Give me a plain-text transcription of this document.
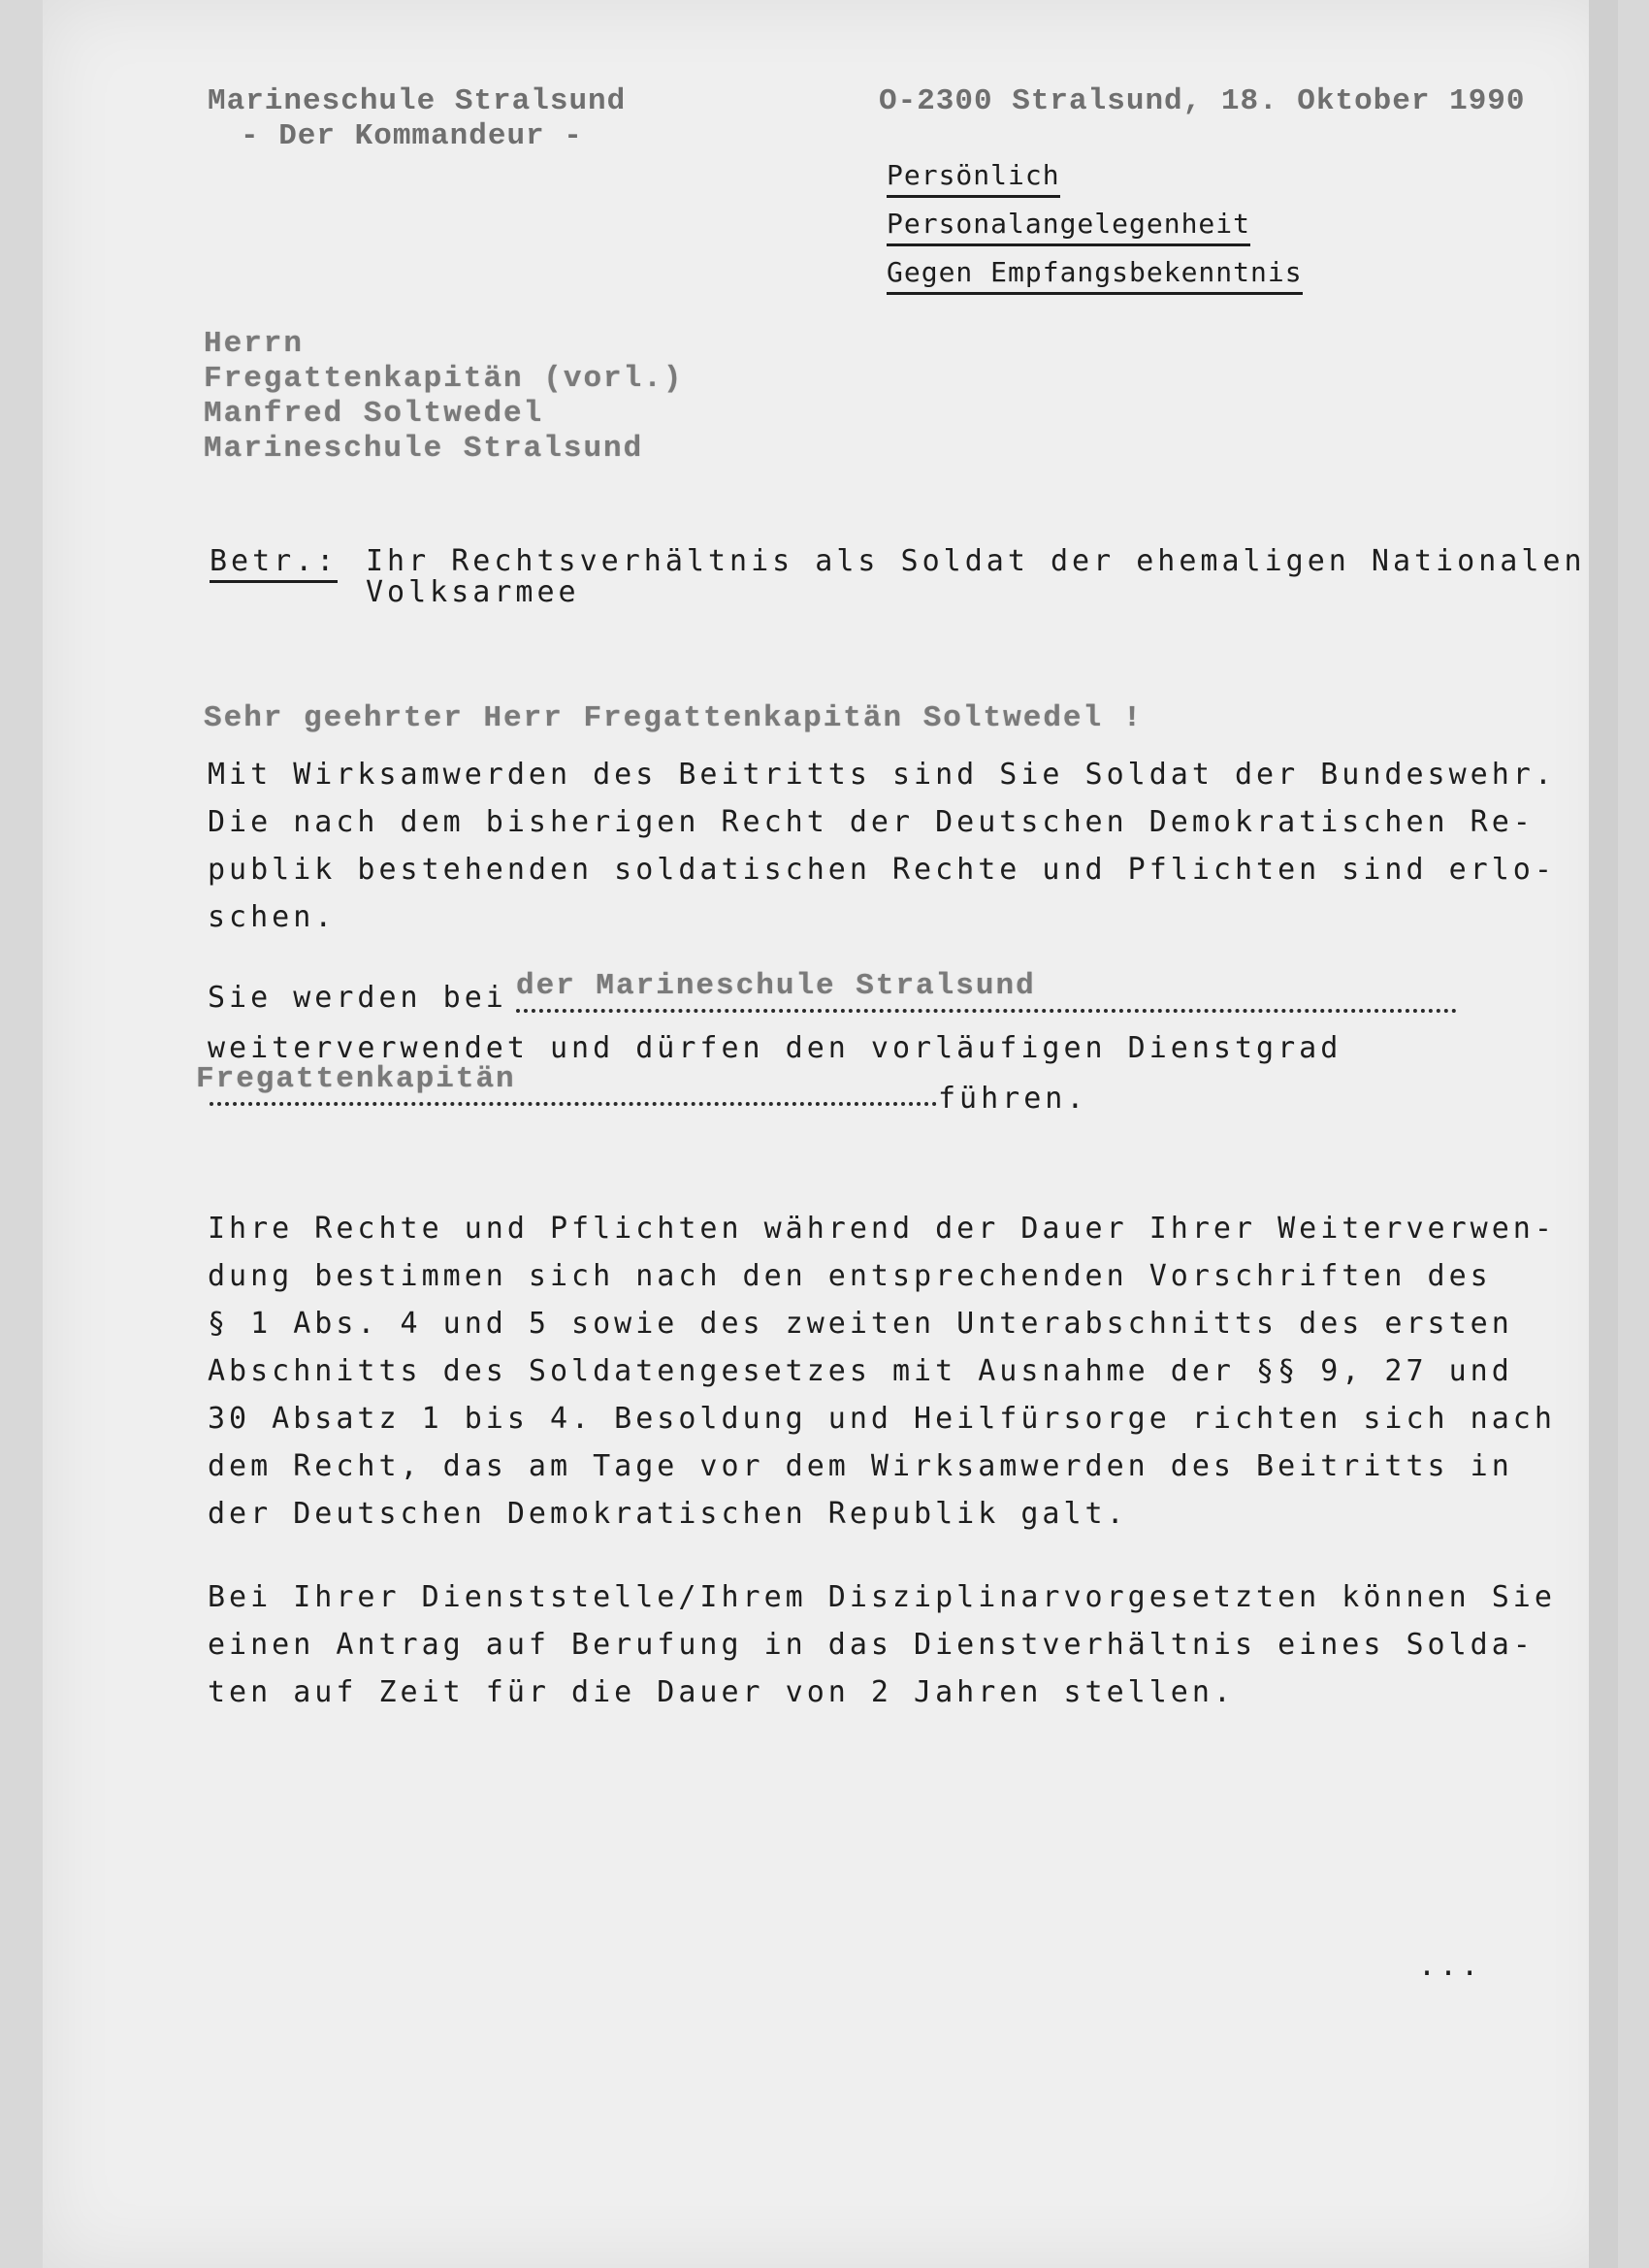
Marineschule Stralsund
- Der Kommandeur -
O-2300 Stralsund, 18. Oktober 1990
Persönlich
Personalangelegenheit
Gegen Empfangsbekenntnis
Herrn
Fregattenkapitän (vorl.)
Manfred Soltwedel
Marineschule Stralsund
Betr.: Ihr Rechtsverhältnis als Soldat der ehemaligen Nationalen
Volksarmee
Sehr geehrter Herr Fregattenkapitän Soltwedel !
Mit Wirksamwerden des Beitritts sind Sie Soldat der Bundeswehr.
Die nach dem bisherigen Recht der Deutschen Demokratischen Re-
publik bestehenden soldatischen Rechte und Pflichten sind erlo-
schen.
Sie werden bei der Marineschule Stralsund
weiterverwendet und dürfen den vorläufigen Dienstgrad
Fregattenkapitän
führen.
Ihre Rechte und Pflichten während der Dauer Ihrer Weiterverwen-
dung bestimmen sich nach den entsprechenden Vorschriften des
§ 1 Abs. 4 und 5 sowie des zweiten Unterabschnitts des ersten
Abschnitts des Soldatengesetzes mit Ausnahme der §§ 9, 27 und
30 Absatz 1 bis 4. Besoldung und Heilfürsorge richten sich nach
dem Recht, das am Tage vor dem Wirksamwerden des Beitritts in
der Deutschen Demokratischen Republik galt.
Bei Ihrer Dienststelle/Ihrem Disziplinarvorgesetzten können Sie
einen Antrag auf Berufung in das Dienstverhältnis eines Solda-
ten auf Zeit für die Dauer von 2 Jahren stellen.
...
